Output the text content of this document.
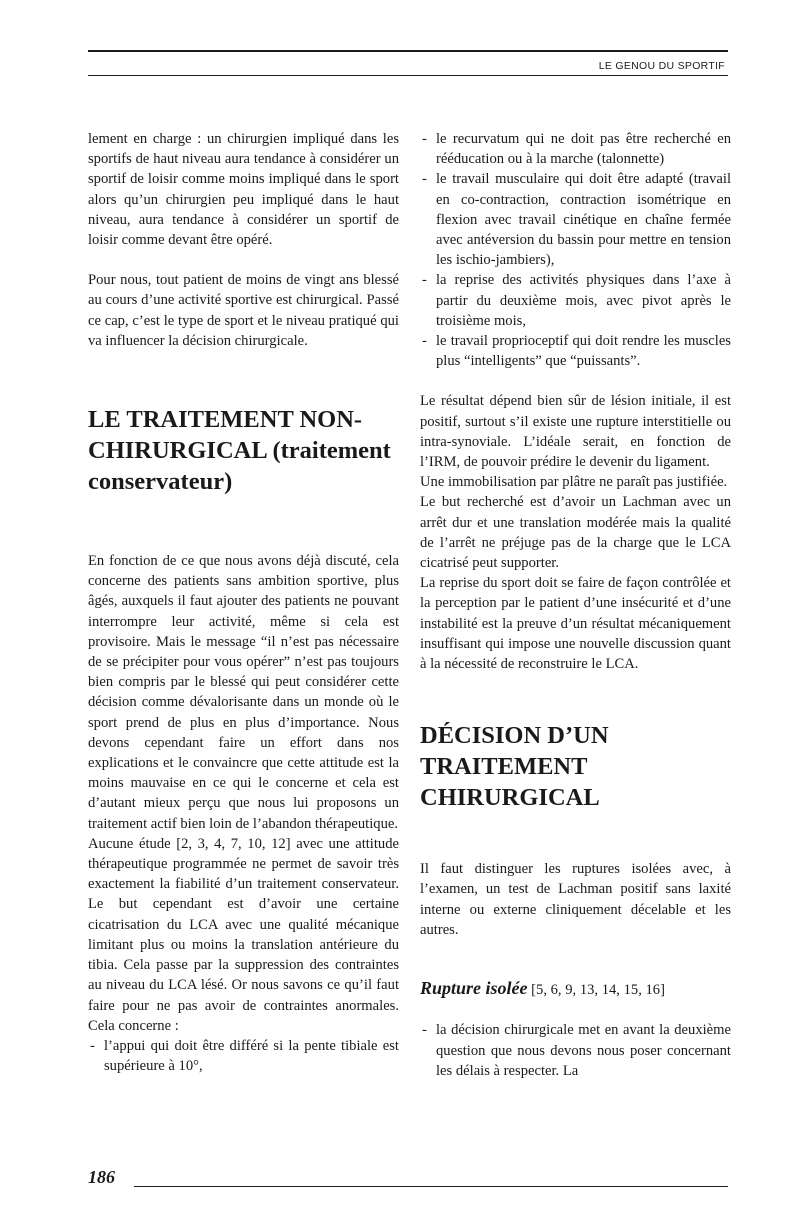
LE GENOU DU SPORTIF

lement en charge : un chirurgien impliqué dans les sportifs de haut niveau aura tendance à considérer un sportif de loisir comme moins impliqué dans le sport alors qu’un chirurgien peu impliqué dans le haut niveau, aura tendance à considérer un sportif de loisir comme devant être opéré.

Pour nous, tout patient de moins de vingt ans blessé au cours d’une activité sportive est chirurgical. Passé ce cap, c’est le type de sport et le niveau pratiqué qui va influencer la décision chirurgicale.

LE TRAITEMENT NON-
CHIRURGICAL (traitement
conservateur)

En fonction de ce que nous avons déjà discuté, cela concerne des patients sans ambition sportive, plus âgés, auxquels il faut ajouter des patients ne pouvant interrompre leur activité, même si cela est provisoire. Mais le message “il n’est pas nécessaire de se précipiter pour vous opérer” n’est pas toujours bien compris par le blessé qui peut considérer cette décision comme dévalorisante dans un monde où le sport prend de plus en plus d’importance. Nous devons cependant faire un effort dans nos explications et le convaincre que cette attitude est la moins mauvaise en ce qui le concerne et cela est d’autant mieux perçu que nous lui proposons un traitement actif bien loin de l’abandon thérapeutique.

Aucune étude [2, 3, 4, 7, 10, 12] avec une attitude thérapeutique programmée ne permet de savoir très exactement la fiabilité d’un traitement conservateur. Le but cependant est d’avoir une certaine cicatrisation du LCA avec une qualité mécanique limitant plus ou moins la translation antérieure du tibia. Cela passe par la suppression des contraintes au niveau du LCA lésé. Or nous savons ce qu’il faut faire pour ne pas avoir de contraintes anormales. Cela concerne :

- l’appui qui doit être différé si la pente tibiale est supérieure à 10°,
- le recurvatum qui ne doit pas être recherché en rééducation ou à la marche (talonnette)
- le travail musculaire qui doit être adapté (travail en co-contraction, contraction isométrique en flexion avec travail cinétique en chaîne fermée avec antéversion du bassin pour mettre en tension les ischio-jambiers),
- la reprise des activités physiques dans l’axe à partir du deuxième mois, avec pivot après le troisième mois,
- le travail proprioceptif qui doit rendre les muscles plus “intelligents” que “puissants”.

Le résultat dépend bien sûr de lésion initiale, il est positif, surtout s’il existe une rupture interstitielle ou intra-synoviale. L’idéale serait, en fonction de l’IRM, de pouvoir prédire le devenir du ligament.

Une immobilisation par plâtre ne paraît pas justifiée.

Le but recherché est d’avoir un Lachman avec un arrêt dur et une translation modérée mais la qualité de l’arrêt ne préjuge pas de la charge que le LCA cicatrisé peut supporter.

La reprise du sport doit se faire de façon contrôlée et la perception par le patient d’une insécurité et d’une instabilité est la preuve d’un résultat mécaniquement insuffisant qui impose une nouvelle discussion quant à la nécessité de reconstruire le LCA.

DÉCISION D’UN
TRAITEMENT
CHIRURGICAL

Il faut distinguer les ruptures isolées avec, à l’examen, un test de Lachman positif sans laxité interne ou externe cliniquement décelable et les autres.

Rupture isolée [5, 6, 9, 13, 14, 15, 16]
- la décision chirurgicale met en avant la deuxième question que nous devons nous poser concernant les délais à respecter. La
186
